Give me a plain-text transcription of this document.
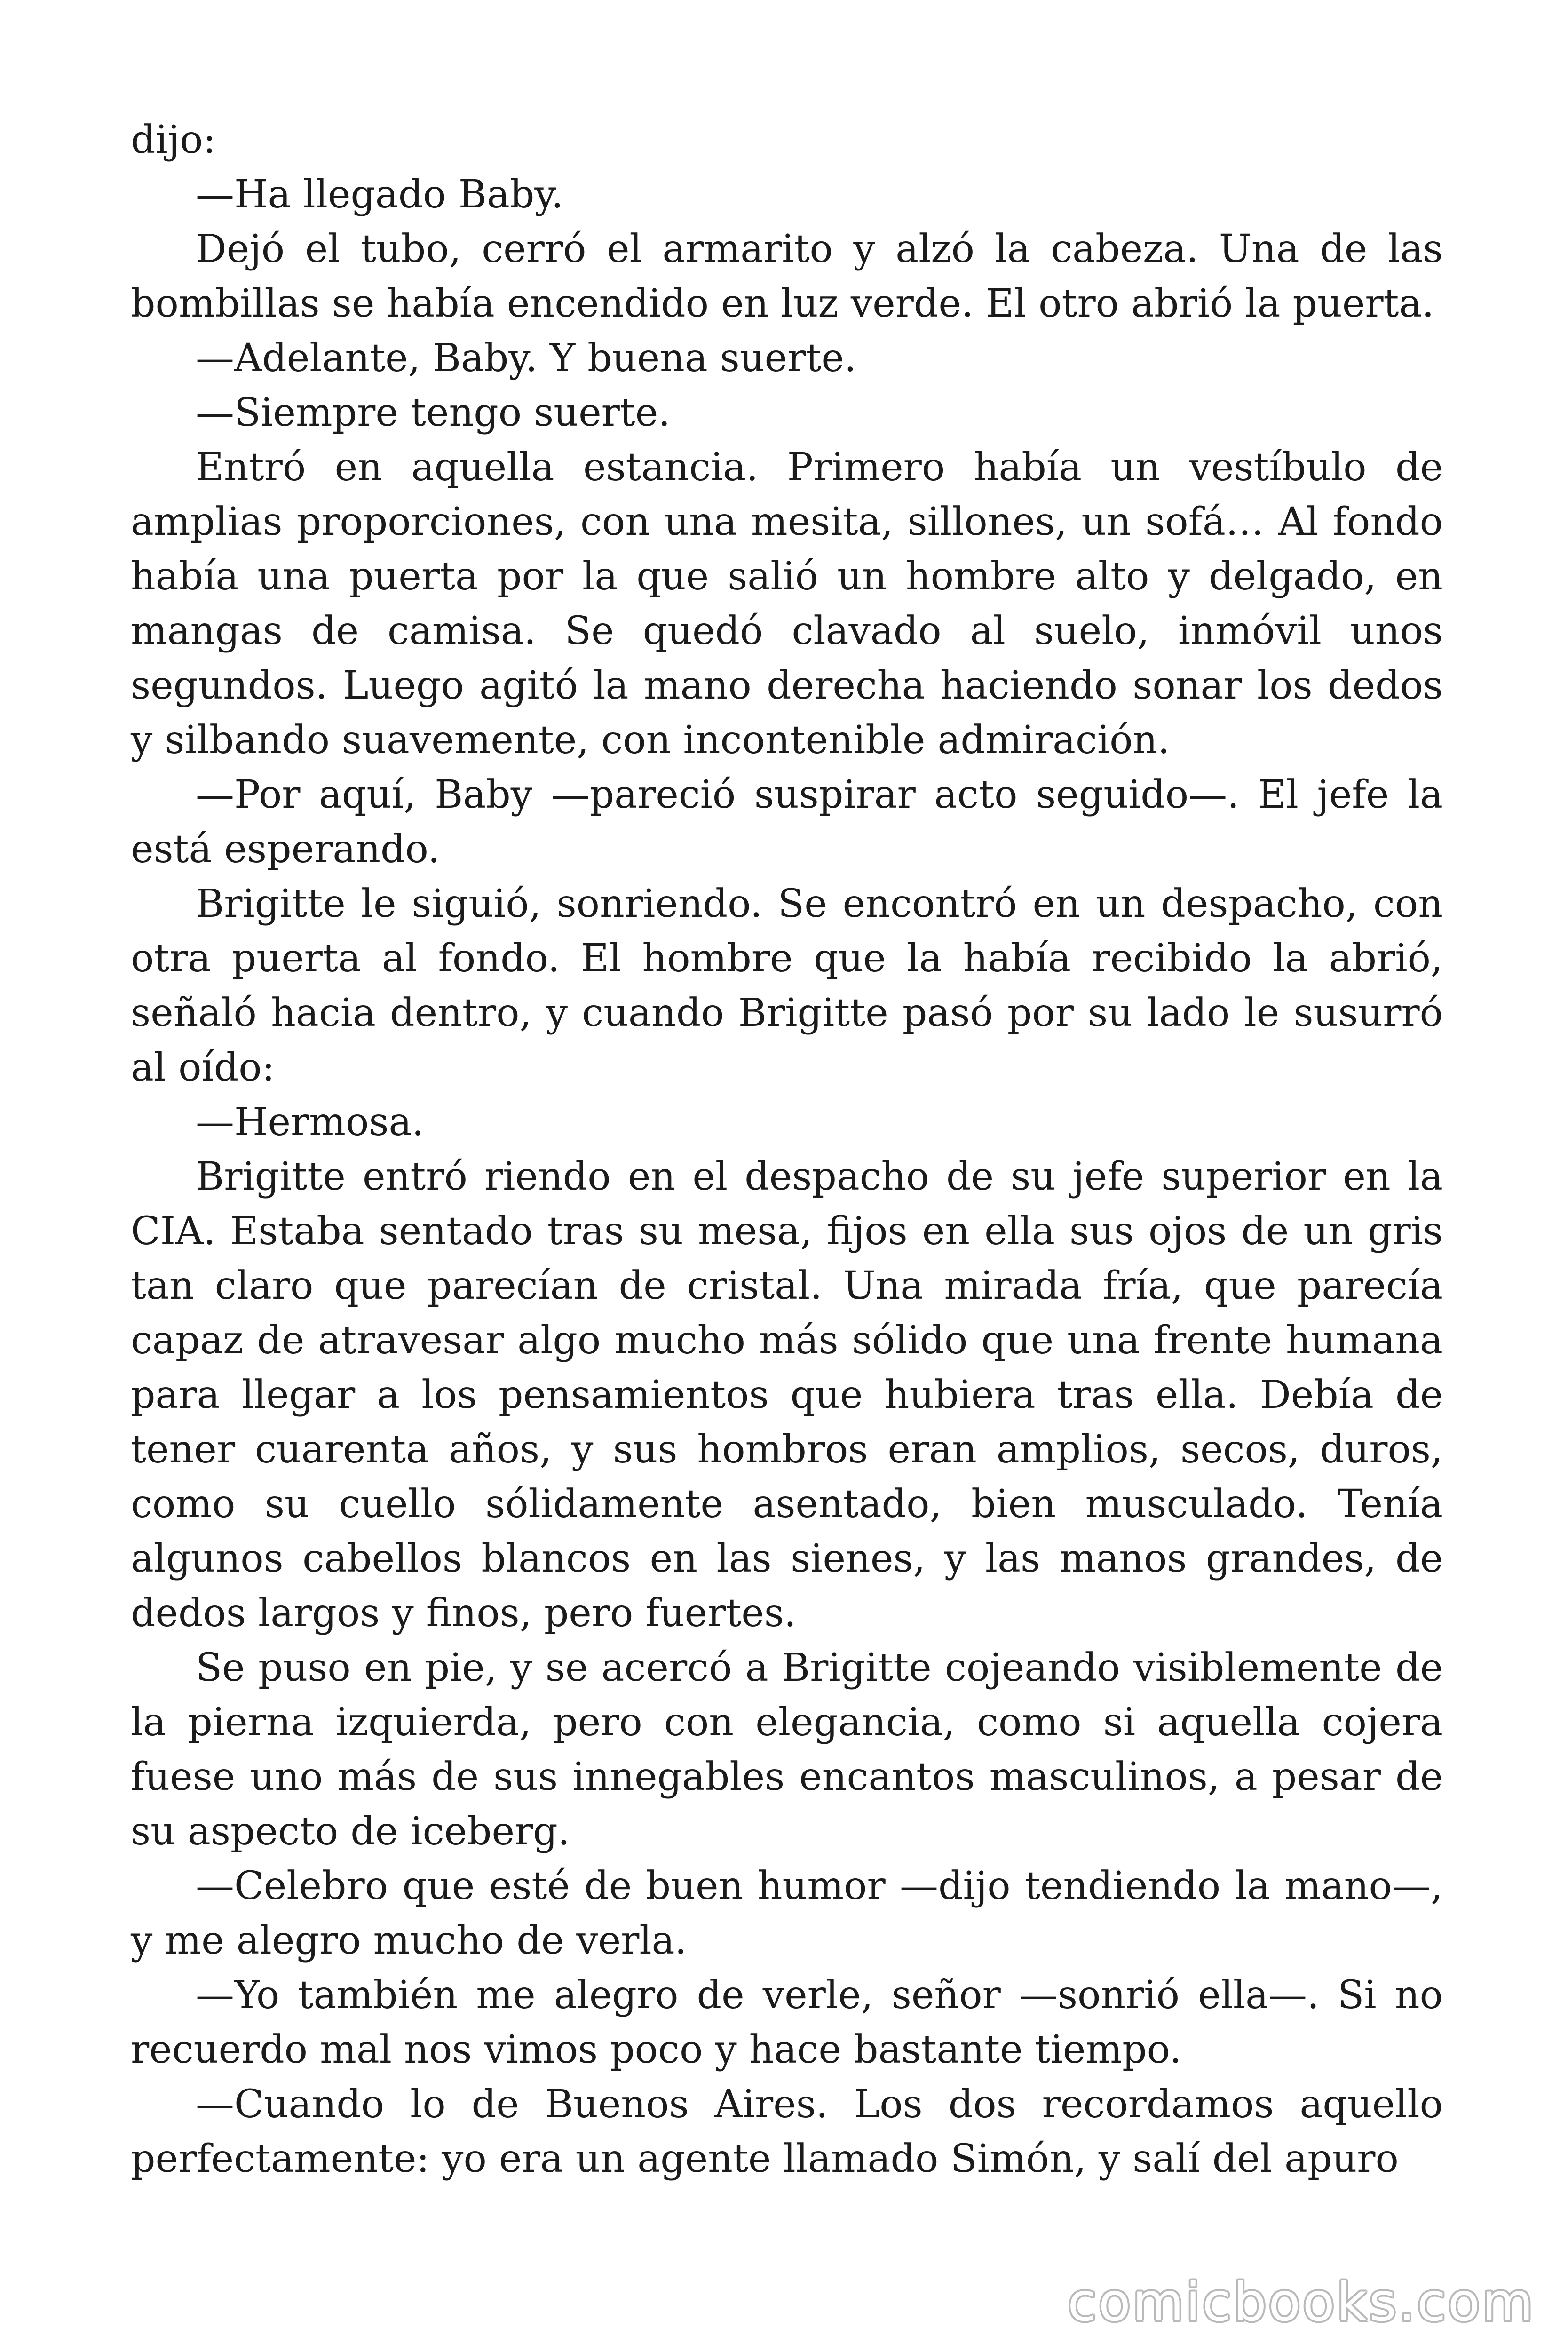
dijo:

—Ha llegado Baby.

Dejó el tubo, cerró el armarito y alzó la cabeza. Una de las bombillas se había encendido en luz verde. El otro abrió la puerta.

—Adelante, Baby. Y buena suerte.

—Siempre tengo suerte.

Entró en aquella estancia. Primero había un vestíbulo de amplias proporciones, con una mesita, sillones, un sofá… Al fondo había una puerta por la que salió un hombre alto y delgado, en mangas de camisa. Se quedó clavado al suelo, inmóvil unos segundos. Luego agitó la mano derecha haciendo sonar los dedos y silbando suavemente, con incontenible admiración.

—Por aquí, Baby —pareció suspirar acto seguido—. El jefe la está esperando.

Brigitte le siguió, sonriendo. Se encontró en un despacho, con otra puerta al fondo. El hombre que la había recibido la abrió, señaló hacia dentro, y cuando Brigitte pasó por su lado le susurró al oído:

—Hermosa.

Brigitte entró riendo en el despacho de su jefe superior en la CIA. Estaba sentado tras su mesa, fijos en ella sus ojos de un gris tan claro que parecían de cristal. Una mirada fría, que parecía capaz de atravesar algo mucho más sólido que una frente humana para llegar a los pensamientos que hubiera tras ella. Debía de tener cuarenta años, y sus hombros eran amplios, secos, duros, como su cuello sólidamente asentado, bien musculado. Tenía algunos cabellos blancos en las sienes, y las manos grandes, de dedos largos y finos, pero fuertes.

Se puso en pie, y se acercó a Brigitte cojeando visiblemente de la pierna izquierda, pero con elegancia, como si aquella cojera fuese uno más de sus innegables encantos masculinos, a pesar de su aspecto de iceberg.

—Celebro que esté de buen humor —dijo tendiendo la mano—, y me alegro mucho de verla.

—Yo también me alegro de verle, señor —sonrió ella—. Si no recuerdo mal nos vimos poco y hace bastante tiempo.

—Cuando lo de Buenos Aires. Los dos recordamos aquello perfectamente: yo era un agente llamado Simón, y salí del apuro

comicbooks.com
